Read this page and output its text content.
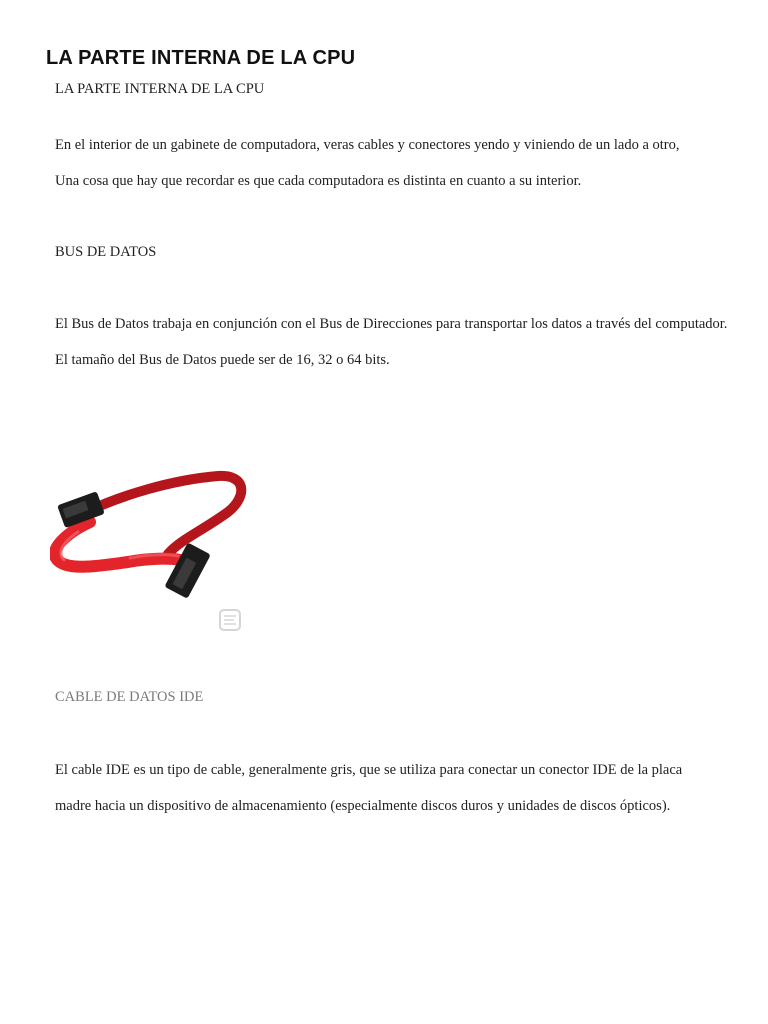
LA PARTE INTERNA DE LA CPU

LA PARTE INTERNA DE LA CPU

En el interior de un gabinete de computadora, veras cables y conectores yendo y viniendo de un lado a otro,

Una cosa que hay que recordar es que cada computadora es distinta en cuanto a su interior.

BUS DE DATOS

El Bus de Datos trabaja en conjunción con el Bus de Direcciones para transportar los datos a través del computador.

El tamaño del Bus de Datos puede ser de 16, 32 o 64 bits.

CABLE DE DATOS IDE

El cable IDE es un tipo de cable, generalmente gris, que se utiliza para conectar un conector IDE de la placa

madre hacia un dispositivo de almacenamiento (especialmente discos duros y unidades de discos ópticos).
